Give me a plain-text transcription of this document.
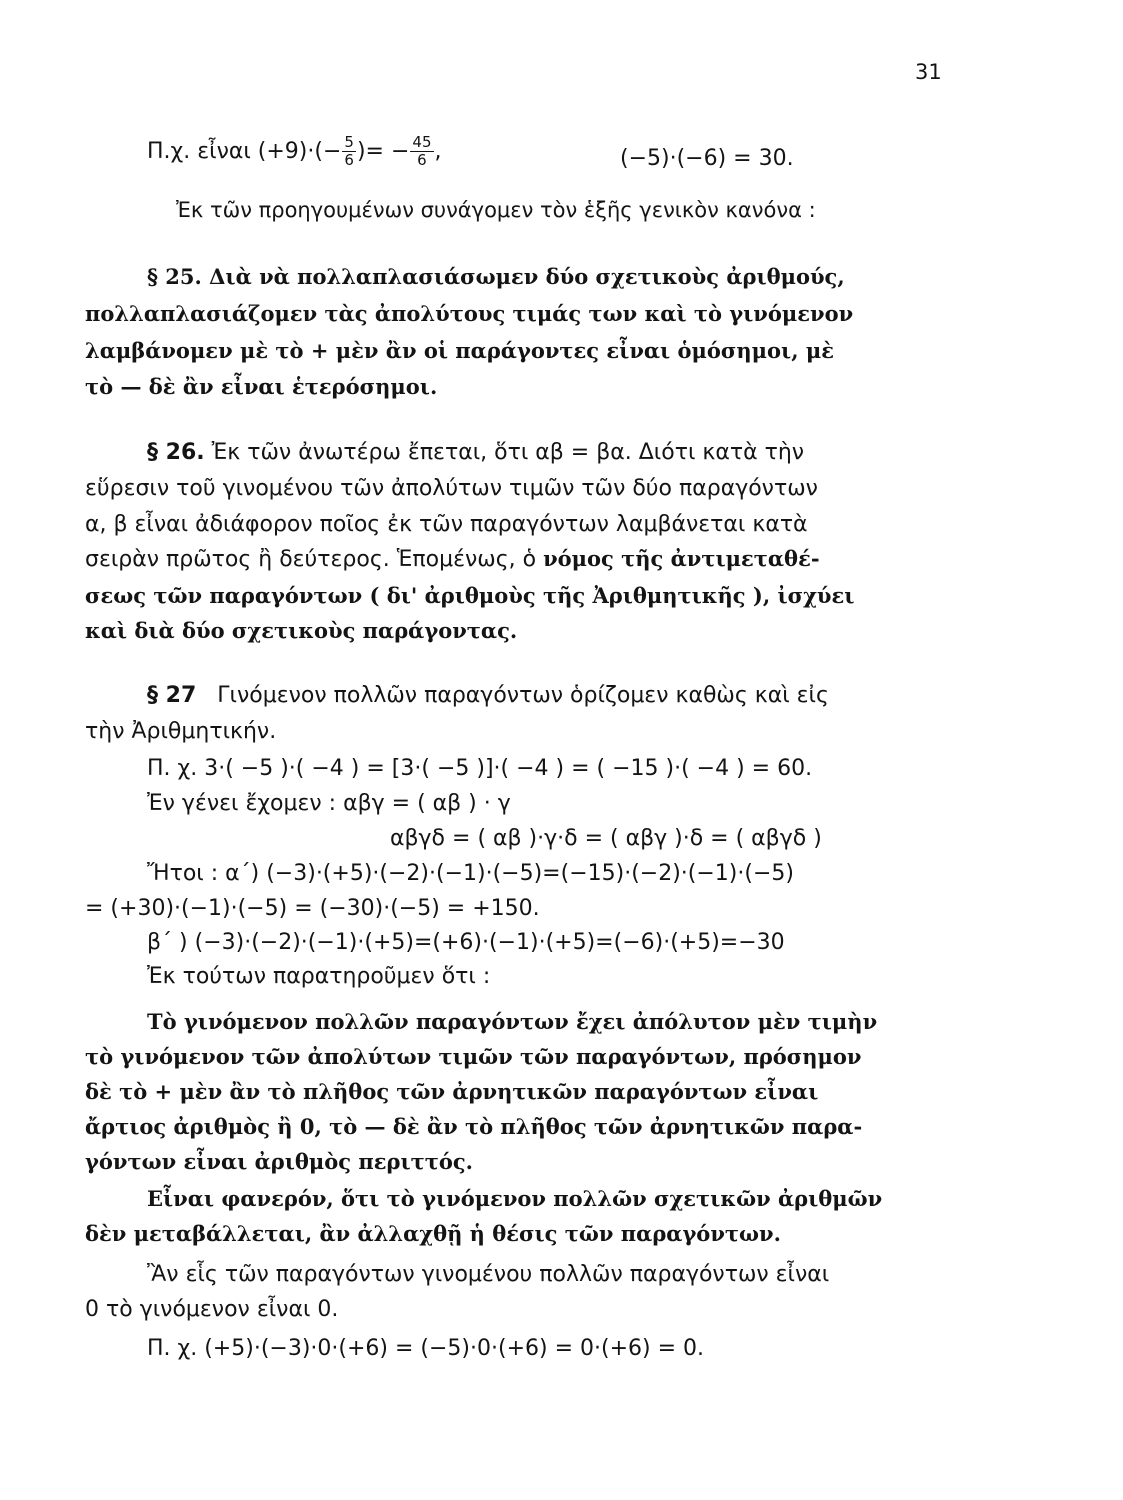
31
Π.χ. εἶναι $(+9)\cdot(- \frac{5}{6}$ )= − $\frac{45}{6}$ ,	(−5)·(−6) = 30.
Ἐκ τῶν προηγουμένων συνάγομεν τὸν ἑξῆς γενικὸν κανόνα :
§ 25. Διὰ νὰ πολλαπλασιάσωμεν δύο σχετικοὺς ἀριθμούς,
πολλαπλασιάζομεν τὰς ἀπολύτους τιμάς των καὶ τὸ γινόμενον
λαμβάνομεν μὲ τὸ + μὲν ἂν οἱ παράγοντες εἶναι ὁμόσημοι, μὲ
τὸ — δὲ ἂν εἶναι ἑτερόσημοι.
§ 26. Ἐκ τῶν ἀνωτέρω ἔπεται, ὅτι αβ = βα. Διότι κατὰ τὴν
εὕρεσιν τοῦ γινομένου τῶν ἀπολύτων τιμῶν τῶν δύο παραγόντων
α, β εἶναι ἀδιάφορον ποῖος ἐκ τῶν παραγόντων λαμβάνεται κατὰ
σειρὰν πρῶτος ἢ δεύτερος. Ἑπομένως, ὁ νόμος τῆς ἀντιμεταθέ-
σεως τῶν παραγόντων ( δι' ἀριθμοὺς τῆς Ἀριθμητικῆς ), ἰσχύει
καὶ διὰ δύο σχετικοὺς παράγοντας.
§ 27 Γινόμενον πολλῶν παραγόντων ὁρίζομεν καθὼς καὶ εἰς
τὴν Ἀριθμητικήν.
Π. χ. 3·( −5 )·( −4 ) = [3·( −5 )]·( −4 ) = ( −15 )·( −4 ) = 60.
Ἐν γένει ἔχομεν : αβγ = ( αβ ) · γ
αβγδ = ( αβ )·γ·δ = ( αβγ )·δ = ( αβγδ )
Ἤτοι : α΄) (−3)·(+5)·(−2)·(−1)·(−5)=(−15)·(−2)·(−1)·(−5)
= (+30)·(−1)·(−5) = (−30)·(−5) = +150.
β΄ ) (−3)·(−2)·(−1)·(+5)=(+6)·(−1)·(+5)=(−6)·(+5)=−30
Ἐκ τούτων παρατηροῦμεν ὅτι :
Τὸ γινόμενον πολλῶν παραγόντων ἔχει ἀπόλυτον μὲν τιμὴν
τὸ γινόμενον τῶν ἀπολύτων τιμῶν τῶν παραγόντων, πρόσημον
δὲ τὸ + μὲν ἂν τὸ πλῆθος τῶν ἀρνητικῶν παραγόντων εἶναι
ἄρτιος ἀριθμὸς ἢ 0, τὸ — δὲ ἂν τὸ πλῆθος τῶν ἀρνητικῶν παρα-
γόντων εἶναι ἀριθμὸς περιττός.
Εἶναι φανερόν, ὅτι τὸ γινόμενον πολλῶν σχετικῶν ἀριθμῶν
δὲν μεταβάλλεται, ἂν ἀλλαχθῇ ἡ θέσις τῶν παραγόντων.
Ἂν εἷς τῶν παραγόντων γινομένου πολλῶν παραγόντων εἶναι
0 τὸ γινόμενον εἶναι 0.
Π. χ. (+5)·(−3)·0·(+6) = (−5)·0·(+6) = 0·(+6) = 0.
